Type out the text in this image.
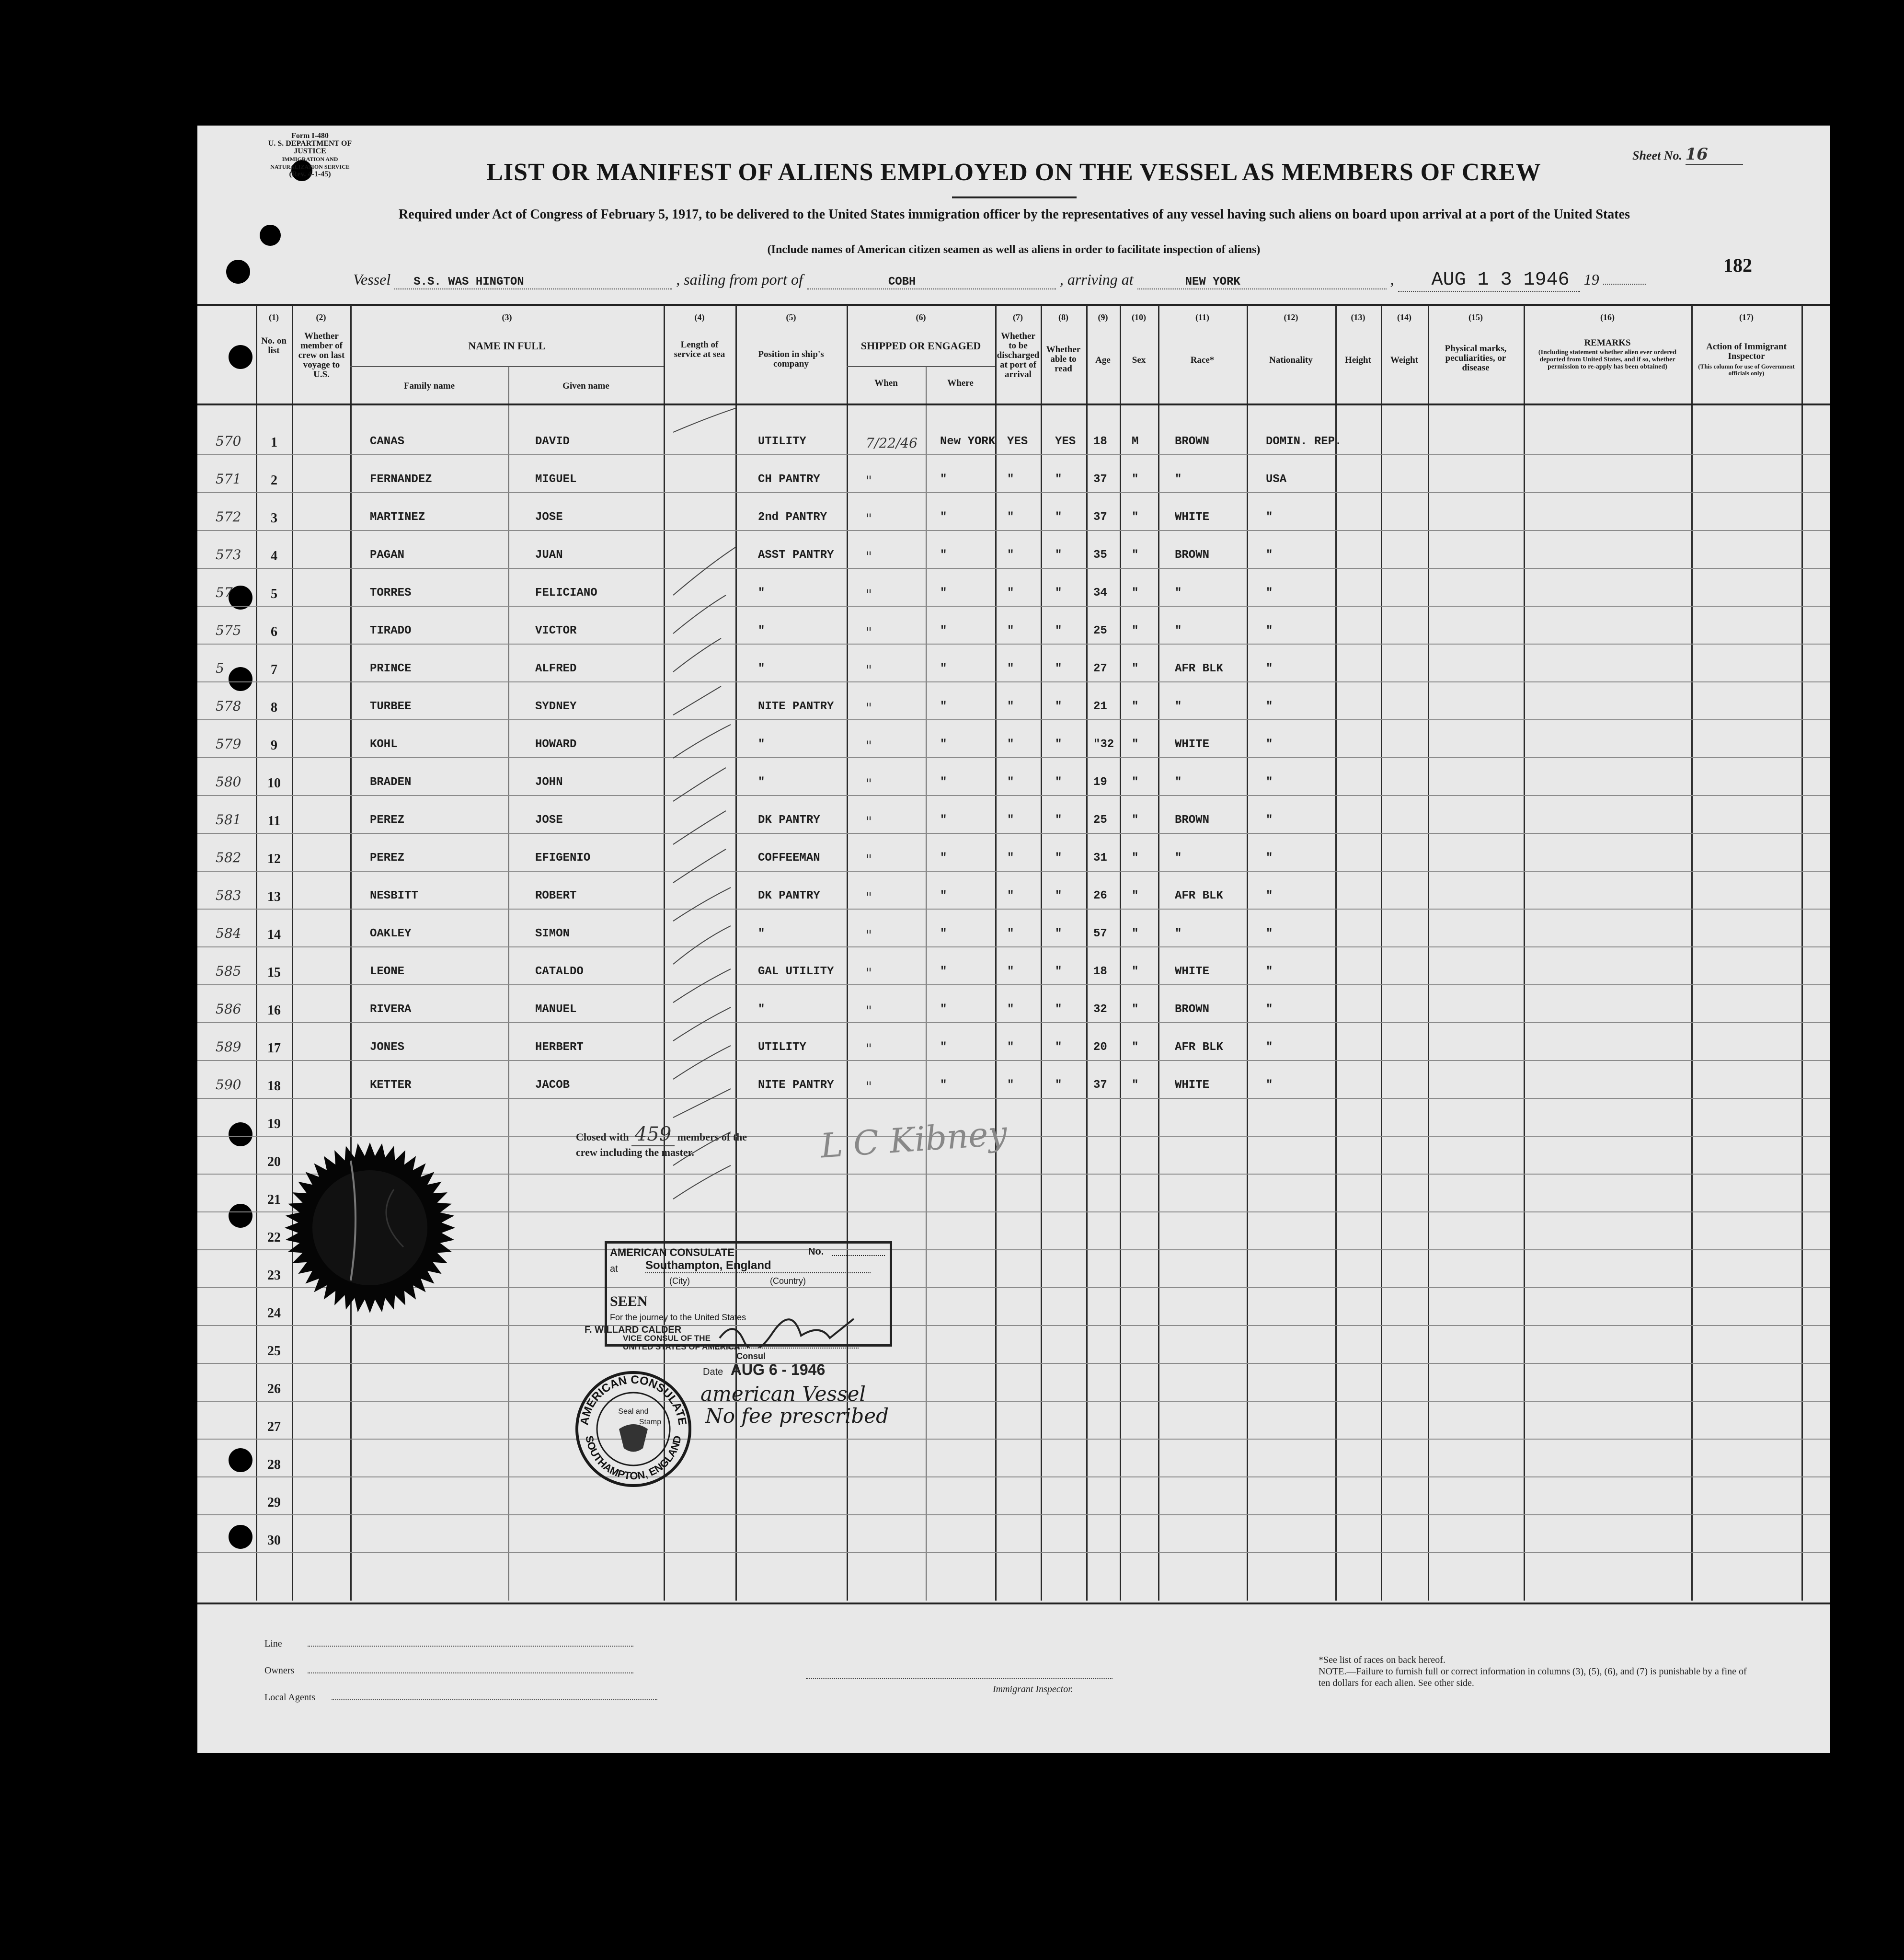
Form I-480
U. S. DEPARTMENT OF JUSTICE
IMMIGRATION AND NATURALIZATION SERVICE
(Rev. 4-1-45)
Sheet No. 16
LIST OR MANIFEST OF ALIENS EMPLOYED ON THE VESSEL AS MEMBERS OF CREW
Required under Act of Congress of February 5, 1917, to be delivered to the United States immigration officer by the representatives of any vessel having such aliens on board upon arrival at a port of the United States
(Include names of American citizen seamen as well as aliens in order to facilitate inspection of aliens)
Vessel S.S. WAS HINGTON	, sailing from port of	COBH	, arriving at	NEW YORK	, AUG 1 3 1946 19
182
(1)	(2)	(3)	(4)	(5)	(6)	(7)	(8)	(9)	(10)	(11)	(12)	(13)	(14)	(15)	(16)	(17)
No. on list
Whether member of crew on last voyage to U.S.
NAME IN FULL	Length of service at sea	Position in ship's company
SHIPPED OR ENGAGED
Whether to be discharged at port of arrival
Whether able to read
Age	Sex	Race*	Nationality	Height	Weight
Physical marks, peculiarities, or disease
REMARKS
(Including statement whether alien ever ordered deported from United States, and if so, whether permission to re-apply has been obtained)
Action of Immigrant Inspector
(This column for use of Government officials only)
Family name	Given name	When	Where
570	1	CANAS	DAVID	UTILITY	7/22/46	New YORK YES	YES	18	M	BROWN	DOMIN. REP.
571	2	FERNANDEZ	MIGUEL	CH PANTRY	"	"	"	"	37	"	"	USA
572	3	MARTINEZ	JOSE	2nd PANTRY	"	"	"	"	37	"	WHITE	"
573	4	PAGAN	JUAN	ASST PANTRY	"	"	"	"	35	"	BROWN	"
57	5	TORRES	FELICIANO	"	"	"	"	"	34	"	"	"
575	6	TIRADO	VICTOR	"	"	"	"	"	25	"	"	"
5	7	PRINCE	ALFRED	"	"	"	"	"	27	"	AFR BLK	"
578	8	TURBEE	SYDNEY	NITE PANTRY	"	"	"	"	21	"	"	"
579	9	KOHL	HOWARD	"	"	"	"	"	"32 "	WHITE	"
580	10	BRADEN	JOHN	"	"	"	"	"	19	"	"	"
581	11	PEREZ	JOSE	DK PANTRY	"	"	"	"	25	"	BROWN	"
582	12	PEREZ	EFIGENIO	COFFEEMAN	"	"	"	"	31	"	"	"
583	13	NESBITT	ROBERT	DK PANTRY	"	"	"	"	26	"	AFR BLK	"
584	14	OAKLEY	SIMON	"	"	"	"	"	57	"	"	"
585	15	LEONE	CATALDO	GAL UTILITY	"	"	"	"	18	"	WHITE	"
586	16	RIVERA	MANUEL	"	"	"	"	"	32	"	BROWN	"
589	17	JONES	HERBERT	UTILITY	"	"	"	"	20	"	AFR BLK	"
590	18	KETTER	JACOB	NITE PANTRY	"	"	"	"	37	"	WHITE	"
19
20
21
22
23
24
25
26
27
28
29
30
Closed with 459 members of the
crew including the master.	L C Kibney
AMERICAN CONSULATE	No.
at Southampton, England
(City)	(Country)
SEEN
For the journey to the United States
F. WILLARD CALDER
VICE CONSUL OF THE
UNITED STATES OF AMERICA
Consul
Date AUG 6 - 1946
american Vessel
No fee prescribed
AMERICAN CONSULATE
SOUTHAMPTON, ENGLAND
Seal and
Stamp
Line
Owners
Local Agents
Immigrant Inspector.
*See list of races on back hereof.
NOTE.—Failure to furnish full or correct information in columns (3), (5), (6), and (7) is punishable by a fine of ten dollars for each alien. See other side.
